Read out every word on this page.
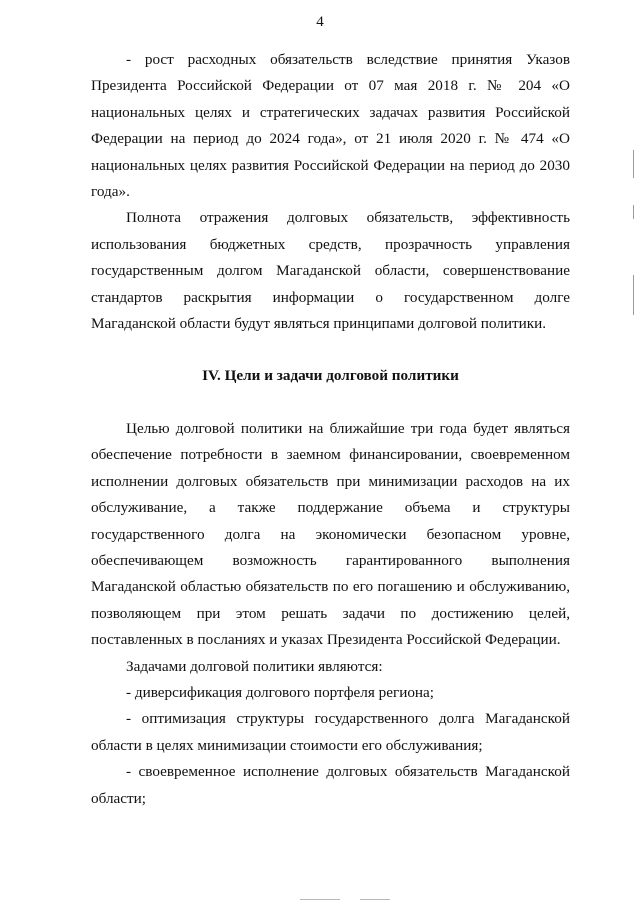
4

- рост расходных обязательств вследствие принятия Указов Президента Российской Федерации от 07 мая 2018 г. № 204 «О национальных целях и стратегических задачах развития Российской Федерации на период до 2024 года», от 21 июля 2020 г. № 474 «О национальных целях развития Российской Федерации на период до 2030 года».

Полнота отражения долговых обязательств, эффективность использования бюджетных средств, прозрачность управления государственным долгом Магаданской области, совершенствование стандартов раскрытия информации о государственном долге Магаданской области будут являться принципами долговой политики.

IV. Цели и задачи долговой политики

Целью долговой политики на ближайшие три года будет являться обеспечение потребности в заемном финансировании, своевременном исполнении долговых обязательств при минимизации расходов на их обслуживание, а также поддержание объема и структуры государственного долга на экономически безопасном уровне, обеспечивающем возможность гарантированного выполнения Магаданской областью обязательств по его погашению и обслуживанию, позволяющем при этом решать задачи по достижению целей, поставленных в посланиях и указах Президента Российской Федерации.

Задачами долговой политики являются:

- диверсификация долгового портфеля региона;

- оптимизация структуры государственного долга Магаданской области в целях минимизации стоимости его обслуживания;

- своевременное исполнение долговых обязательств Магаданской области;
